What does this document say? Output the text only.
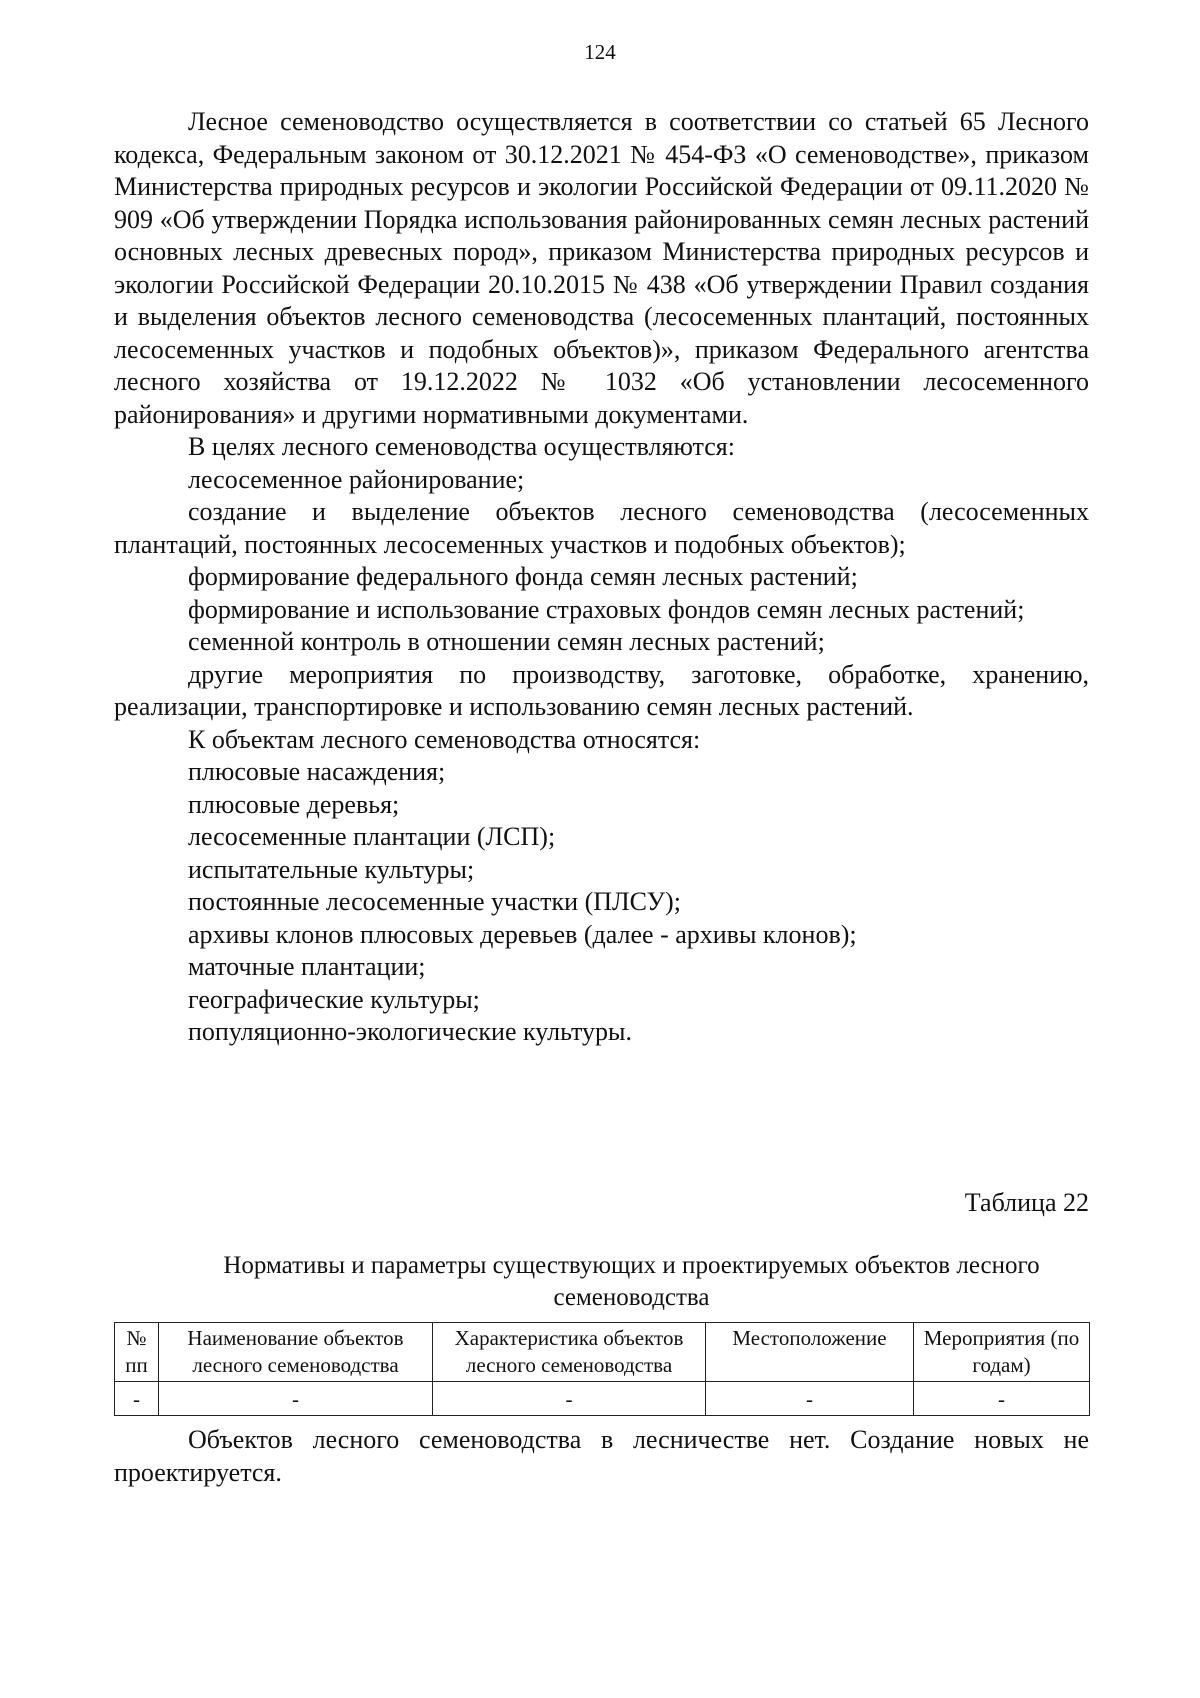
124

Лесное семеноводство осуществляется в соответствии со статьей 65 Лесного кодекса, Федеральным законом от 30.12.2021 № 454-ФЗ «О семеноводстве», приказом Министерства природных ресурсов и экологии Российской Федерации от 09.11.2020 № 909 «Об утверждении Порядка использования районированных семян лесных растений основных лесных древесных пород», приказом Министерства природных ресурсов и экологии Российской Федерации 20.10.2015 № 438 «Об утверждении Правил создания и выделения объектов лесного семеноводства (лесосеменных плантаций, постоянных лесосеменных участков и подобных объектов)», приказом Федерального агентства лесного хозяйства от 19.12.2022 № 1032 «Об установлении лесосеменного районирования» и другими нормативными документами.

В целях лесного семеноводства осуществляются:

лесосеменное районирование;

создание и выделение объектов лесного семеноводства (лесосеменных плантаций, постоянных лесосеменных участков и подобных объектов);

формирование федерального фонда семян лесных растений;

формирование и использование страховых фондов семян лесных растений;

семенной контроль в отношении семян лесных растений;

другие мероприятия по производству, заготовке, обработке, хранению, реализации, транспортировке и использованию семян лесных растений.

К объектам лесного семеноводства относятся:

плюсовые насаждения;

плюсовые деревья;

лесосеменные плантации (ЛСП);

испытательные культуры;

постоянные лесосеменные участки (ПЛСУ);

архивы клонов плюсовых деревьев (далее - архивы клонов);

маточные плантации;

географические культуры;

популяционно-экологические культуры.

Таблица 22
Нормативы и параметры существующих и проектируемых объектов лесного семеноводства
№ пп	Наименование объектов лесного семеноводства	Характеристика объектов лесного семеноводства	Местоположение	Мероприятия (по годам)
-	-	-	-	-

Объектов лесного семеноводства в лесничестве нет. Создание новых не проектируется.
